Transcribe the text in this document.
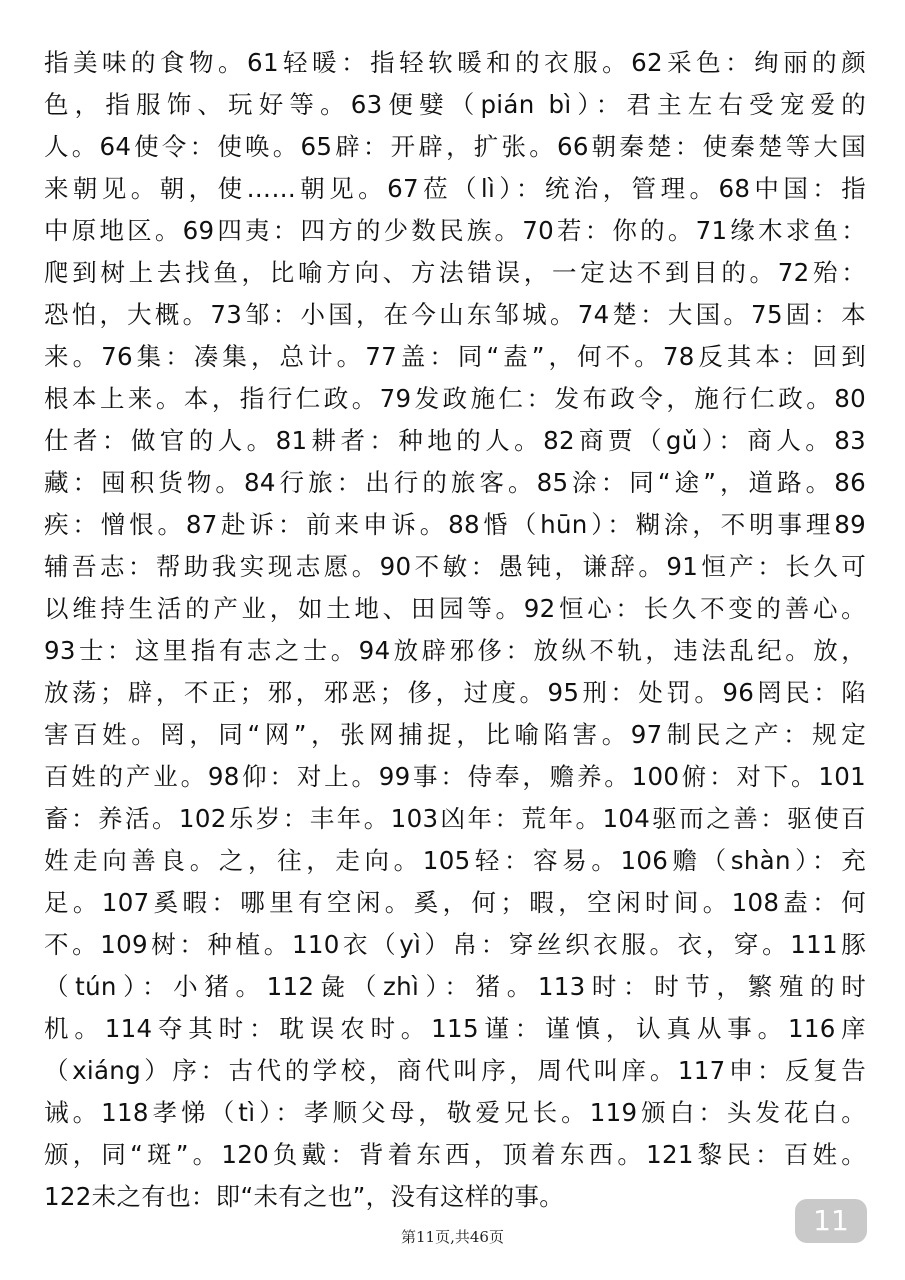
指美味的食物。61轻暖：指轻软暖和的衣服。62采色：绚丽的颜
色，指服饰、玩好等。63便嬖（pián bì）：君主左右受宠爱的
人。64使令：使唤。65辟：开辟，扩张。66朝秦楚：使秦楚等大国
来朝见。朝，使……朝见。67莅（lì）：统治，管理。68中国：指
中原地区。69四夷：四方的少数民族。70若：你的。71缘木求鱼：
爬到树上去找鱼，比喻方向、方法错误，一定达不到目的。72殆：
恐怕，大概。73邹：小国，在今山东邹城。74楚：大国。75固：本
来。76集：凑集，总计。77盖：同“盍”，何不。78反其本：回到
根本上来。本，指行仁政。79发政施仁：发布政令，施行仁政。80
仕者：做官的人。81耕者：种地的人。82商贾（gǔ）：商人。83
藏：囤积货物。84行旅：出行的旅客。85涂：同“途”，道路。86
疾：憎恨。87赴诉：前来申诉。88惛（hūn）：糊涂，不明事理89
辅吾志：帮助我实现志愿。90不敏：愚钝，谦辞。91恒产：长久可
以维持生活的产业，如土地、田园等。92恒心：长久不变的善心。
93士：这里指有志之士。94放辟邪侈：放纵不轨，违法乱纪。放，
放荡；辟，不正；邪，邪恶；侈，过度。95刑：处罚。96罔民：陷
害百姓。罔，同“网”，张网捕捉，比喻陷害。97制民之产：规定
百姓的产业。98仰：对上。99事：侍奉，赡养。100俯：对下。101
畜：养活。102乐岁：丰年。103凶年：荒年。104驱而之善：驱使百
姓走向善良。之，往，走向。105轻：容易。106赡（shàn）：充
足。107奚暇：哪里有空闲。奚，何；暇，空闲时间。108盍：何
不。109树：种植。110衣（yì）帛：穿丝织衣服。衣，穿。111豚
（tún）：小猪。112彘（zhì）：猪。113时：时节，繁殖的时
机。114夺其时：耽误农时。115谨：谨慎，认真从事。116庠
（xiáng）序：古代的学校，商代叫序，周代叫庠。117申：反复告
诫。118孝悌（tì）：孝顺父母，敬爱兄长。119颁白：头发花白。
颁，同“斑”。120负戴：背着东西，顶着东西。121黎民：百姓。
122未之有也：即“未有之也”，没有这样的事。
11
第11页,共46页
